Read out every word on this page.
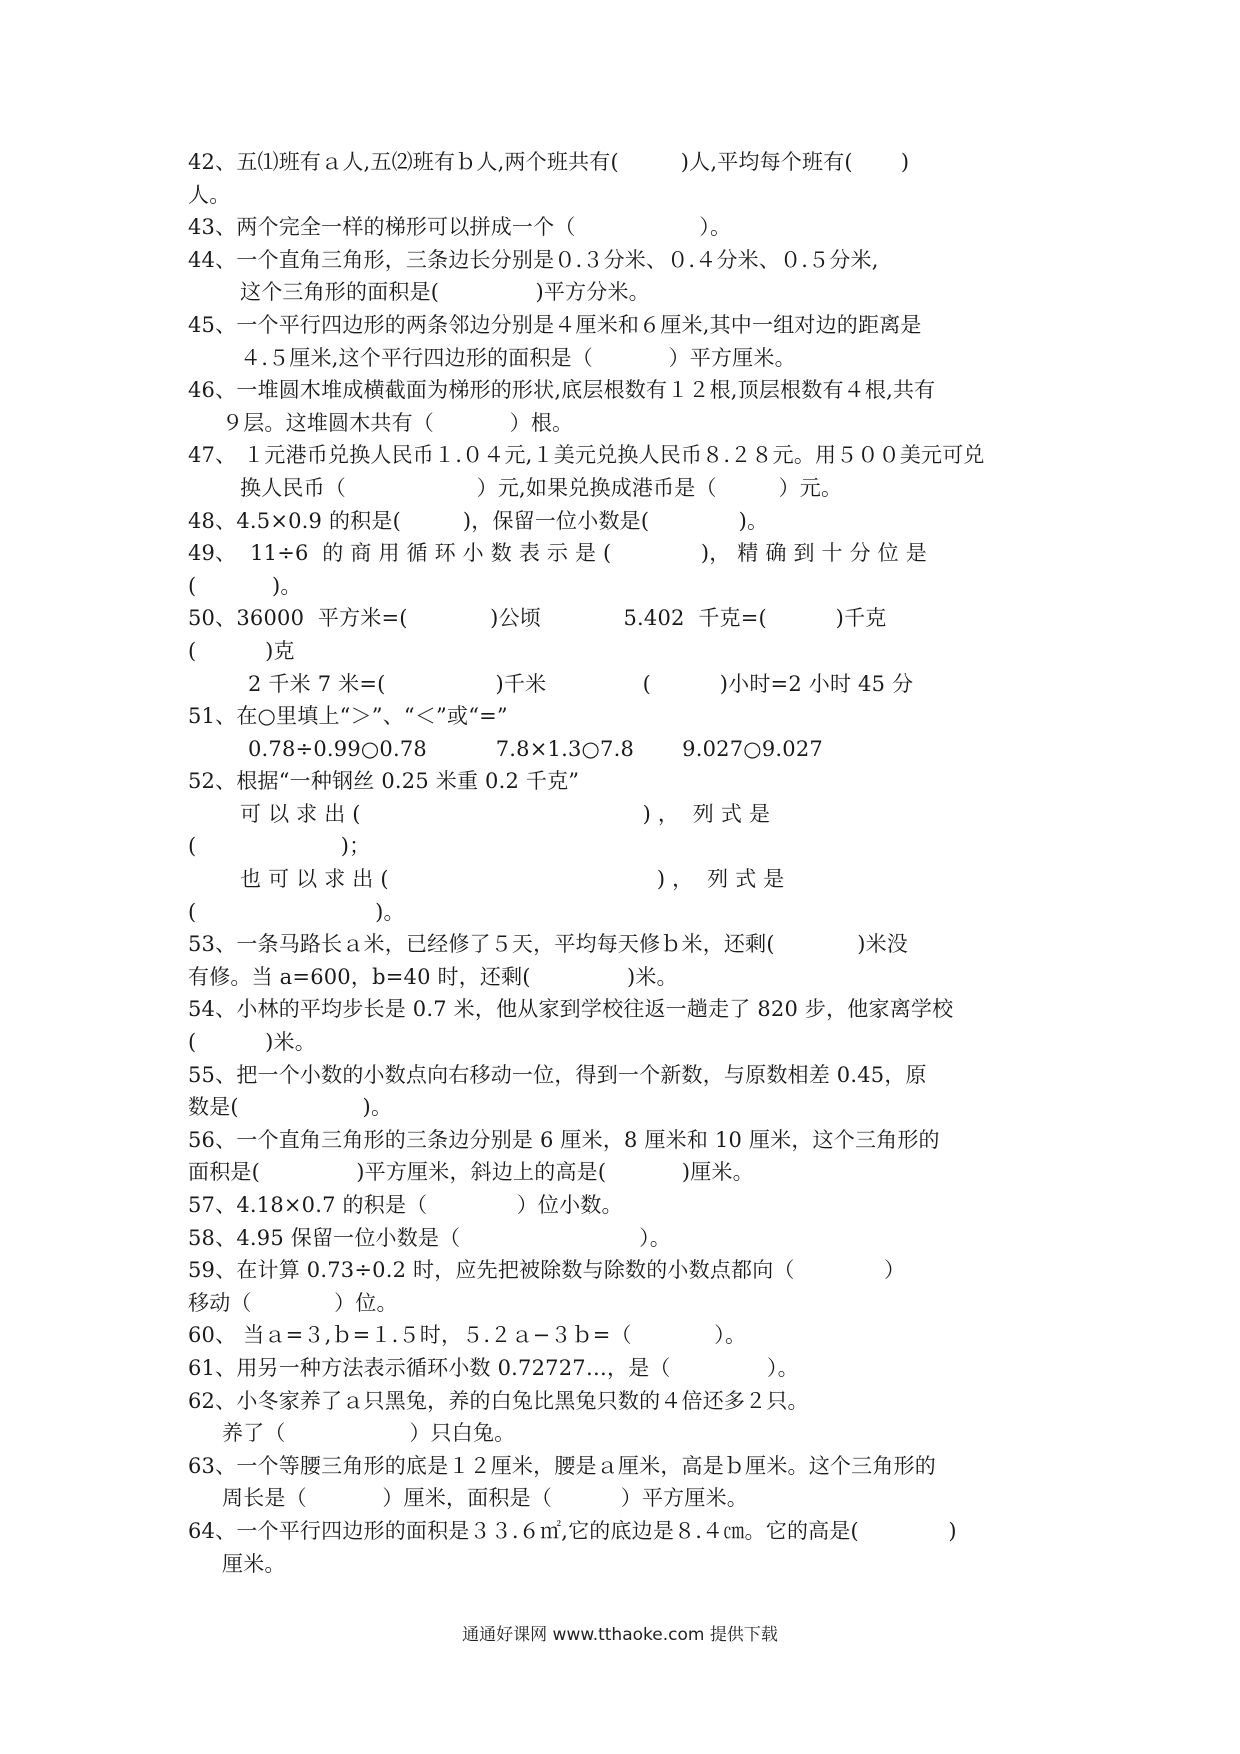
42、五⑴班有ａ人,五⑵班有ｂ人,两个班共有(         )人,平均每个班有(       )
人。
43、两个完全一样的梯形可以拼成一个（                  ）。
44、一个直角三角形，三条边长分别是０.３分米、０.４分米、０.５分米,
这个三角形的面积是(              )平方分米。
45、一个平行四边形的两条邻边分别是４厘米和６厘米,其中一组对边的距离是
４.５厘米,这个平行四边形的面积是（           ）平方厘米。
46、一堆圆木堆成横截面为梯形的形状,底层根数有１２根,顶层根数有４根,共有
９层。这堆圆木共有（           ）根。
47、 １元港币兑换人民币１.０４元,１美元兑换人民币８.２８元。用５００美元可兑
换人民币（                   ）元,如果兑换成港币是（         ）元。
48、4.5×0.9 的积是(         )，保留一位小数是(             )。
49、  11÷6  的 商 用 循 环 小 数 表 示 是 (             )， 精 确 到 十 分 位 是
(           )。
50、36000  平方米=(            )公顷            5.402  千克=(          )千克
(          )克
2 千米 7 米=(                )千米              (          )小时=2 小时 45 分
51、在○里填上“＞”、“＜”或“=”
0.78÷0.99○0.78          7.8×1.3○7.8       9.027○9.027
52、根据“一种钢丝 0.25 米重 0.2 千克”
可 以 求 出 (                                         ) ，  列 式 是
(                     )；
也 可 以 求 出 (                                       ) ，  列 式 是
(                          )。
53、一条马路长ａ米，已经修了５天，平均每天修ｂ米，还剩(            )米没
有修。当 a=600，b=40 时，还剩(              )米。
54、小林的平均步长是 0.7 米，他从家到学校往返一趟走了 820 步，他家离学校
(          )米。
55、把一个小数的小数点向右移动一位，得到一个新数，与原数相差 0.45，原
数是(                  )。
56、一个直角三角形的三条边分别是 6 厘米，8 厘米和 10 厘米，这个三角形的
面积是(              )平方厘米，斜边上的高是(           )厘米。
57、4.18×0.7 的积是（             ）位小数。
58、4.95 保留一位小数是（                          ）。
59、在计算 0.73÷0.2 时，应先把被除数与除数的小数点都向（             ）
移动（            ）位。
60、 当ａ=３,ｂ=１.５时，５.２ａ−３ｂ=（            ）。
61、用另一种方法表示循环小数 0.72727…，是（              ）。
62、小冬家养了ａ只黑兔，养的白兔比黑兔只数的４倍还多２只。
养了（                  ）只白兔。
63、一个等腰三角形的底是１２厘米，腰是ａ厘米，高是ｂ厘米。这个三角形的
周长是（           ）厘米，面积是（          ）平方厘米。
64、一个平行四边形的面积是３３.６㎡,它的底边是８.４㎝。它的高是(             )
厘米。
通通好课网 www.tthaoke.com 提供下载
